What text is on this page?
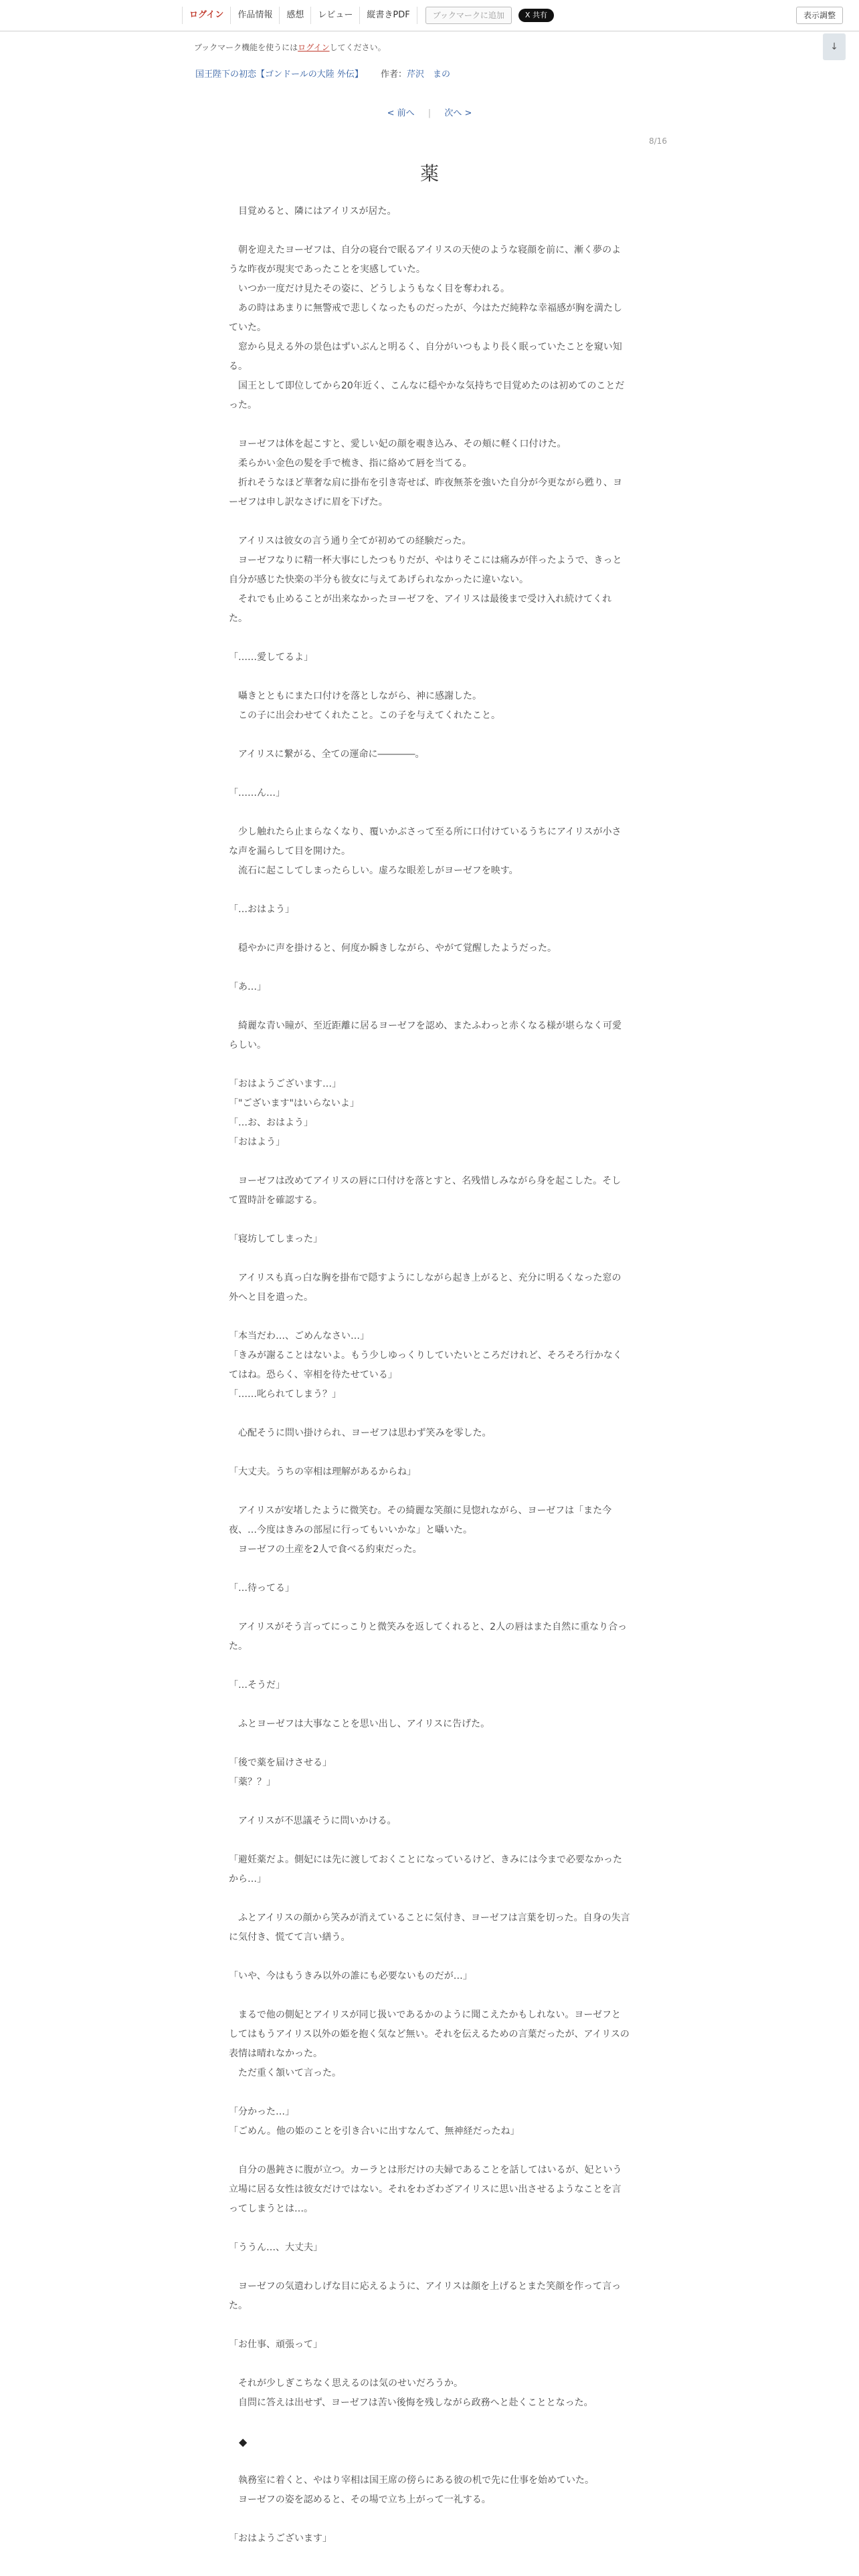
ログイン	作品情報	感想	レビュー	縦書きPDF	ブックマークに追加	X 共有	表示調整
ブックマーク機能を使うにはログインしてください。	↓
国王陛下の初恋【ゴンドールの大陸 外伝】 作者：芹沢　まの
< 前へ | 次へ >
8/16
薬

　目覚めると、隣にはアイリスが居た。

　朝を迎えたヨーゼフは、自分の寝台で眠るアイリスの天使のような寝顔を前に、漸く夢のような昨夜が現実であったことを実感していた。

　いつか一度だけ見たその姿に、どうしようもなく目を奪われる。

　あの時はあまりに無警戒で悲しくなったものだったが、今はただ純粋な幸福感が胸を満たしていた。

　窓から見える外の景色はずいぶんと明るく、自分がいつもより長く眠っていたことを窺い知る。

　国王として即位してから20年近く、こんなに穏やかな気持ちで目覚めたのは初めてのことだった。

　ヨーゼフは体を起こすと、愛しい妃の顔を覗き込み、その頬に軽く口付けた。

　柔らかい金色の髪を手で梳き、指に絡めて唇を当てる。

　折れそうなほど華奢な肩に掛布を引き寄せば、昨夜無茶を強いた自分が今更ながら甦り、ヨーゼフは申し訳なさげに眉を下げた。

　アイリスは彼女の言う通り全てが初めての経験だった。

　ヨーゼフなりに精一杯大事にしたつもりだが、やはりそこには痛みが伴ったようで、きっと自分が感じた快楽の半分も彼女に与えてあげられなかったに違いない。

　それでも止めることが出来なかったヨーゼフを、アイリスは最後まで受け入れ続けてくれた。

「……愛してるよ」

　囁きとともにまた口付けを落としながら、神に感謝した。

　この子に出会わせてくれたこと。この子を与えてくれたこと。

　アイリスに繋がる、全ての運命に――――。

「……ん…」

　少し触れたら止まらなくなり、覆いかぶさって至る所に口付けているうちにアイリスが小さな声を漏らして目を開けた。

　流石に起こしてしまったらしい。虚ろな眼差しがヨーゼフを映す。

「…おはよう」

　穏やかに声を掛けると、何度か瞬きしながら、やがて覚醒したようだった。

「あ…」

　綺麗な青い瞳が、至近距離に居るヨーゼフを認め、またふわっと赤くなる様が堪らなく可愛らしい。

「おはようございます…」

「"ございます"はいらないよ」

「…お、おはよう」

「おはよう」

　ヨーゼフは改めてアイリスの唇に口付けを落とすと、名残惜しみながら身を起こした。そして置時計を確認する。

「寝坊してしまった」

　アイリスも真っ白な胸を掛布で隠すようにしながら起き上がると、充分に明るくなった窓の外へと目を遣った。

「本当だわ…、ごめんなさい…」

「きみが謝ることはないよ。もう少しゆっくりしていたいところだけれど、そろそろ行かなくてはね。恐らく、宰相を待たせている」

「……叱られてしまう？」

　心配そうに問い掛けられ、ヨーゼフは思わず笑みを零した。

「大丈夫。うちの宰相は理解があるからね」

　アイリスが安堵したように微笑む。その綺麗な笑顔に見惚れながら、ヨーゼフは「また今夜、…今度はきみの部屋に行ってもいいかな」と囁いた。

　ヨーゼフの土産を2人で食べる約束だった。

「…待ってる」

　アイリスがそう言ってにっこりと微笑みを返してくれると、2人の唇はまた自然に重なり合った。

「…そうだ」

　ふとヨーゼフは大事なことを思い出し、アイリスに告げた。

「後で薬を届けさせる」

「薬？？」

　アイリスが不思議そうに問いかける。

「避妊薬だよ。側妃には先に渡しておくことになっているけど、きみには今まで必要なかったから…」

　ふとアイリスの顔から笑みが消えていることに気付き、ヨーゼフは言葉を切った。自身の失言に気付き、慌てて言い繕う。

「いや、今はもうきみ以外の誰にも必要ないものだが…」

　まるで他の側妃とアイリスが同じ扱いであるかのように聞こえたかもしれない。ヨーゼフとしてはもうアイリス以外の姫を抱く気など無い。それを伝えるための言葉だったが、アイリスの表情は晴れなかった。

　ただ重く頷いて言った。

「分かった…」

「ごめん。他の姫のことを引き合いに出すなんて、無神経だったね」

　自分の愚鈍さに腹が立つ。カーラとは形だけの夫婦であることを話してはいるが、妃という立場に居る女性は彼女だけではない。それをわざわざアイリスに思い出させるようなことを言ってしまうとは…。

「ううん…、大丈夫」

　ヨーゼフの気遣わしげな目に応えるように、アイリスは顔を上げるとまた笑顔を作って言った。

「お仕事、頑張って」

　それが少しぎこちなく思えるのは気のせいだろうか。

　自問に答えは出せず、ヨーゼフは苦い後悔を残しながら政務へと赴くこととなった。

◆

　執務室に着くと、やはり宰相は国王席の傍らにある彼の机で先に仕事を始めていた。

　ヨーゼフの姿を認めると、その場で立ち上がって一礼する。

「おはようございます」
